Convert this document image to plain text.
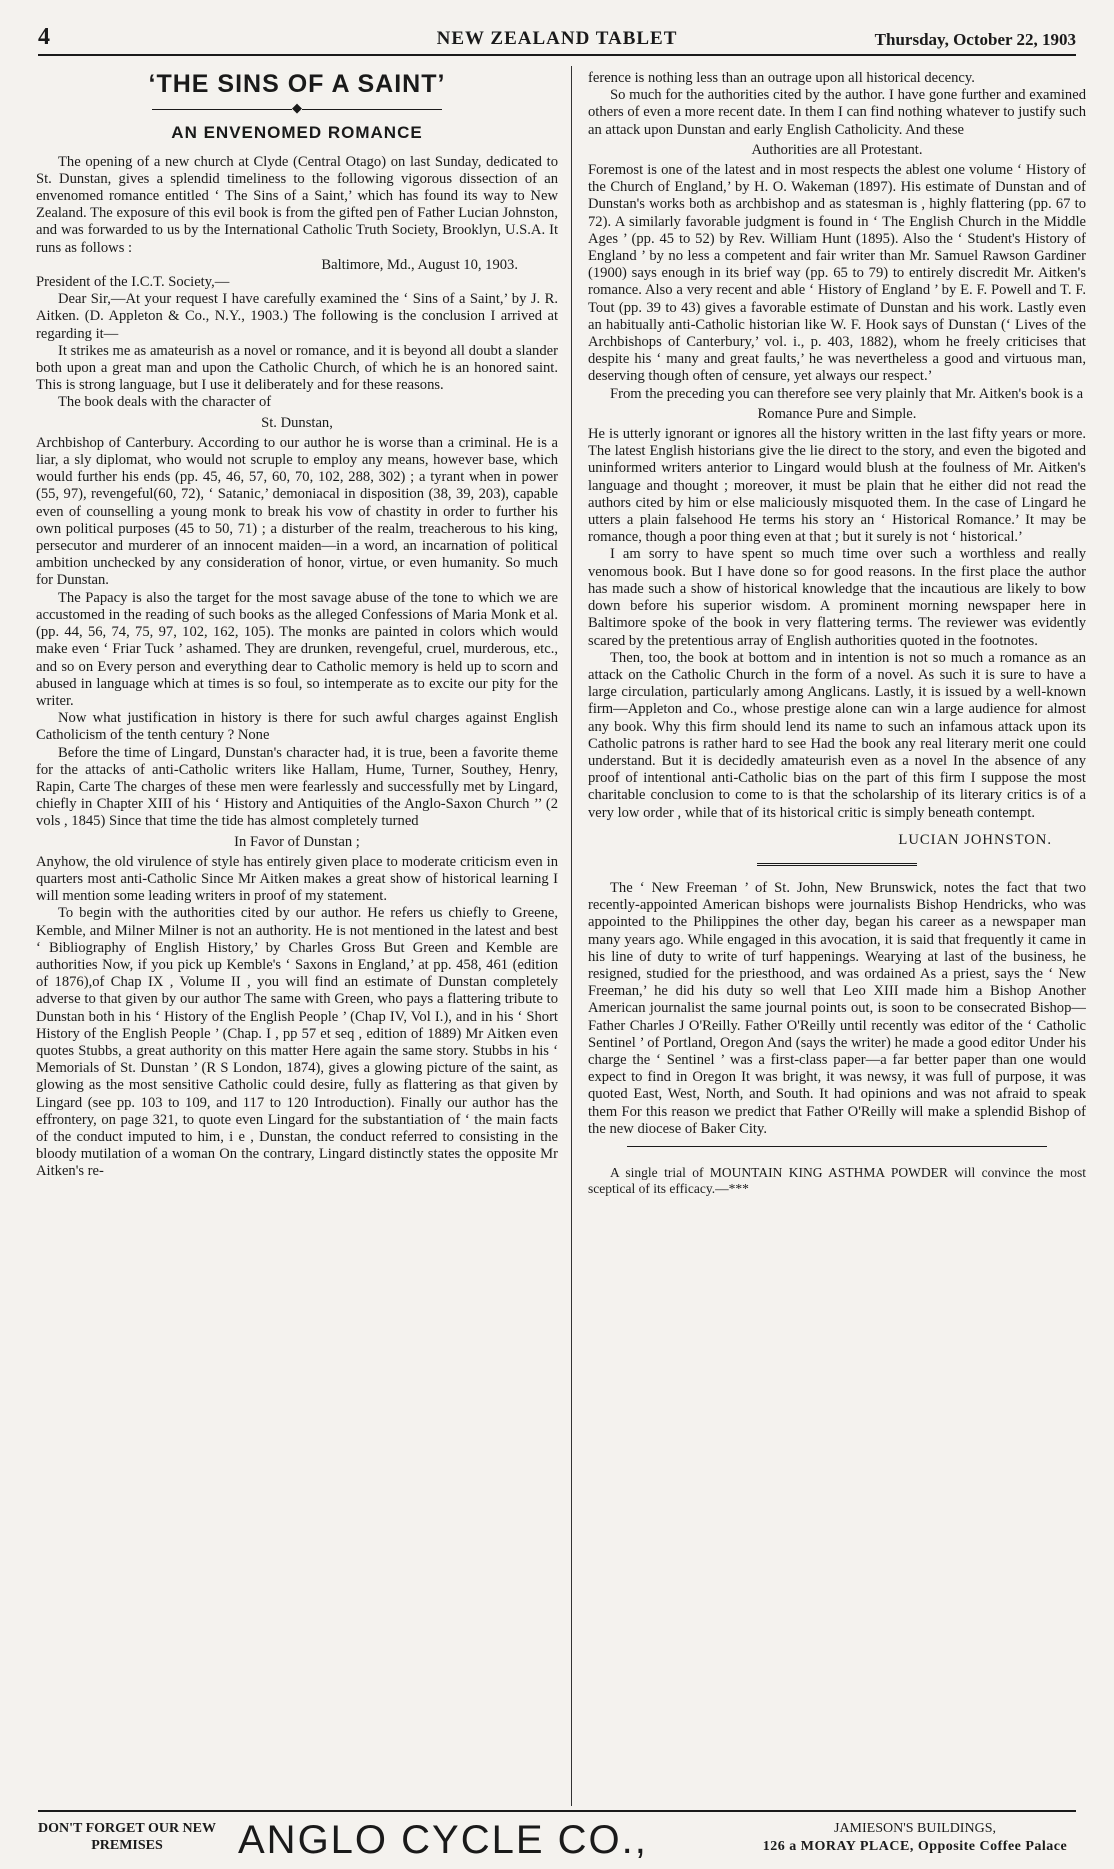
4	NEW ZEALAND TABLET	Thursday, October 22, 1903
‘THE SINS OF A SAINT’
◆
AN ENVENOMED ROMANCE

The opening of a new church at Clyde (Central Otago) on last Sunday, dedicated to St. Dunstan, gives a splendid timeliness to the following vigorous dissection of an envenomed romance entitled ‘ The Sins of a Saint,’ which has found its way to New Zealand. The exposure of this evil book is from the gifted pen of Father Lucian Johnston, and was forwarded to us by the International Catholic Truth Society, Brooklyn, U.S.A. It runs as follows :

Baltimore, Md., August 10, 1903.

President of the I.C.T. Society,—

Dear Sir,—At your request I have carefully examined the ‘ Sins of a Saint,’ by J. R. Aitken. (D. Appleton & Co., N.Y., 1903.) The following is the conclusion I arrived at regarding it—

It strikes me as amateurish as a novel or romance, and it is beyond all doubt a slander both upon a great man and upon the Catholic Church, of which he is an honored saint. This is strong language, but I use it deliberately and for these reasons.

The book deals with the character of

St. Dunstan,

Archbishop of Canterbury. According to our author he is worse than a criminal. He is a liar, a sly diplomat, who would not scruple to employ any means, however base, which would further his ends (pp. 45, 46, 57, 60, 70, 102, 288, 302) ; a tyrant when in power (55, 97), revengeful(60, 72), ‘ Satanic,’ demoniacal in disposition (38, 39, 203), capable even of counselling a young monk to break his vow of chastity in order to further his own political purposes (45 to 50, 71) ; a disturber of the realm, treacherous to his king, persecutor and murderer of an innocent maiden—in a word, an incarnation of political ambition unchecked by any consideration of honor, virtue, or even humanity. So much for Dunstan.

The Papacy is also the target for the most savage abuse of the tone to which we are accustomed in the reading of such books as the alleged Confessions of Maria Monk et al. (pp. 44, 56, 74, 75, 97, 102, 162, 105). The monks are painted in colors which would make even ‘ Friar Tuck ’ ashamed. They are drunken, revengeful, cruel, murderous, etc., and so on Every person and everything dear to Catholic memory is held up to scorn and abused in language which at times is so foul, so intemperate as to excite our pity for the writer.

Now what justification in history is there for such awful charges against English Catholicism of the tenth century ? None

Before the time of Lingard, Dunstan's character had, it is true, been a favorite theme for the attacks of anti-Catholic writers like Hallam, Hume, Turner, Southey, Henry, Rapin, Carte The charges of these men were fearlessly and successfully met by Lingard, chiefly in Chapter XIII of his ‘ History and Antiquities of the Anglo-Saxon Church ’’ (2 vols , 1845) Since that time the tide has almost completely turned

In Favor of Dunstan ;

Anyhow, the old virulence of style has entirely given place to moderate criticism even in quarters most anti-Catholic Since Mr Aitken makes a great show of historical learning I will mention some leading writers in proof of my statement.

To begin with the authorities cited by our author. He refers us chiefly to Greene, Kemble, and Milner Milner is not an authority. He is not mentioned in the latest and best ‘ Bibliography of English History,’ by Charles Gross But Green and Kemble are authorities Now, if you pick up Kemble's ‘ Saxons in England,’ at pp. 458, 461 (edition of 1876),of Chap IX , Volume II , you will find an estimate of Dunstan completely adverse to that given by our author The same with Green, who pays a flattering tribute to Dunstan both in his ‘ History of the English People ’ (Chap IV, Vol I.), and in his ‘ Short History of the English People ’ (Chap. I , pp 57 et seq , edition of 1889) Mr Aitken even quotes Stubbs, a great authority on this matter Here again the same story. Stubbs in his ‘ Memorials of St. Dunstan ’ (R S London, 1874), gives a glowing picture of the saint, as glowing as the most sensitive Catholic could desire, fully as flattering as that given by Lingard (see pp. 103 to 109, and 117 to 120 Introduction). Finally our author has the effrontery, on page 321, to quote even Lingard for the substantiation of ‘ the main facts of the conduct imputed to him, i e , Dunstan, the conduct referred to consisting in the bloody mutilation of a woman On the contrary, Lingard distinctly states the opposite Mr Aitken's re-

ference is nothing less than an outrage upon all historical decency.

So much for the authorities cited by the author. I have gone further and examined others of even a more recent date. In them I can find nothing whatever to justify such an attack upon Dunstan and early English Catholicity. And these

Authorities are all Protestant.

Foremost is one of the latest and in most respects the ablest one volume ‘ History of the Church of England,’ by H. O. Wakeman (1897). His estimate of Dunstan and of Dunstan's works both as archbishop and as statesman is , highly flattering (pp. 67 to 72). A similarly favorable judgment is found in ‘ The English Church in the Middle Ages ’ (pp. 45 to 52) by Rev. William Hunt (1895). Also the ‘ Student's History of England ’ by no less a competent and fair writer than Mr. Samuel Rawson Gardiner (1900) says enough in its brief way (pp. 65 to 79) to entirely discredit Mr. Aitken's romance. Also a very recent and able ‘ History of England ’ by E. F. Powell and T. F. Tout (pp. 39 to 43) gives a favorable estimate of Dunstan and his work. Lastly even an habitually anti-Catholic historian like W. F. Hook says of Dunstan (‘ Lives of the Archbishops of Canterbury,’ vol. i., p. 403, 1882), whom he freely criticises that despite his ‘ many and great faults,’ he was nevertheless a good and virtuous man, deserving though often of censure, yet always our respect.’

From the preceding you can therefore see very plainly that Mr. Aitken's book is a

Romance Pure and Simple.

He is utterly ignorant or ignores all the history written in the last fifty years or more. The latest English historians give the lie direct to the story, and even the bigoted and uninformed writers anterior to Lingard would blush at the foulness of Mr. Aitken's language and thought ; moreover, it must be plain that he either did not read the authors cited by him or else maliciously misquoted them. In the case of Lingard he utters a plain falsehood He terms his story an ‘ Historical Romance.’ It may be romance, though a poor thing even at that ; but it surely is not ‘ historical.’

I am sorry to have spent so much time over such a worthless and really venomous book. But I have done so for good reasons. In the first place the author has made such a show of historical knowledge that the incautious are likely to bow down before his superior wisdom. A prominent morning newspaper here in Baltimore spoke of the book in very flattering terms. The reviewer was evidently scared by the pretentious array of English authorities quoted in the footnotes.

Then, too, the book at bottom and in intention is not so much a romance as an attack on the Catholic Church in the form of a novel. As such it is sure to have a large circulation, particularly among Anglicans. Lastly, it is issued by a well-known firm—Appleton and Co., whose prestige alone can win a large audience for almost any book. Why this firm should lend its name to such an infamous attack upon its Catholic patrons is rather hard to see Had the book any real literary merit one could understand. But it is decidedly amateurish even as a novel In the absence of any proof of intentional anti-Catholic bias on the part of this firm I suppose the most charitable conclusion to come to is that the scholarship of its literary critics is of a very low order , while that of its historical critic is simply beneath contempt.

LUCIAN JOHNSTON.

The ‘ New Freeman ’ of St. John, New Brunswick, notes the fact that two recently-appointed American bishops were journalists Bishop Hendricks, who was appointed to the Philippines the other day, began his career as a newspaper man many years ago. While engaged in this avocation, it is said that frequently it came in his line of duty to write of turf happenings. Wearying at last of the business, he resigned, studied for the priesthood, and was ordained As a priest, says the ‘ New Freeman,’ he did his duty so well that Leo XIII made him a Bishop Another American journalist the same journal points out, is soon to be consecrated Bishop—Father Charles J O'Reilly. Father O'Reilly until recently was editor of the ‘ Catholic Sentinel ’ of Portland, Oregon And (says the writer) he made a good editor Under his charge the ‘ Sentinel ’ was a first-class paper—a far better paper than one would expect to find in Oregon It was bright, it was newsy, it was full of purpose, it was quoted East, West, North, and South. It had opinions and was not afraid to speak them For this reason we predict that Father O'Reilly will make a splendid Bishop of the new diocese of Baker City.

A single trial of MOUNTAIN KING ASTHMA POWDER will convince the most sceptical of its efficacy.—***

DON'T FORGET OUR NEW PREMISES	ANGLO CYCLE CO.,	JAMIESON'S BUILDINGS,
126 a MORAY PLACE, Opposite Coffee Palace
